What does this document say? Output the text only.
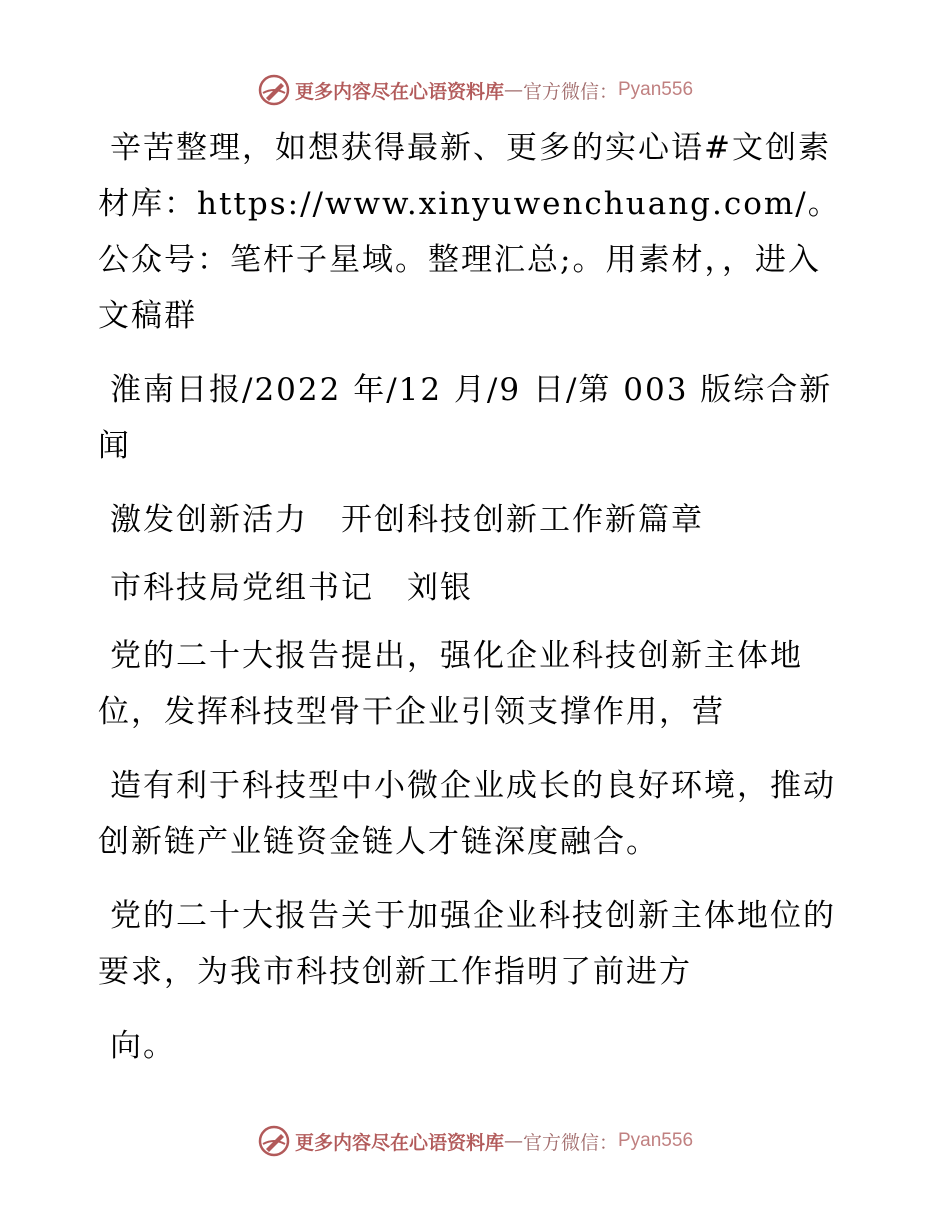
更多内容尽在心语资料库 — 官方微信： Pyan556

辛苦整理，如想获得最新、更多的实心语#文创素材库：https://www.xinyuwenchuang.com/。公众号：笔杆子星域。整理汇总;。用素材，，进入文稿群

淮南日报/2022 年/12 月/9 日/第 003 版综合新闻

激发创新活力　开创科技创新工作新篇章

市科技局党组书记　刘银

党的二十大报告提出，强化企业科技创新主体地位，发挥科技型骨干企业引领支撑作用，营

造有利于科技型中小微企业成长的良好环境，推动创新链产业链资金链人才链深度融合。

党的二十大报告关于加强企业科技创新主体地位的要求，为我市科技创新工作指明了前进方

向。

更多内容尽在心语资料库 — 官方微信： Pyan556
